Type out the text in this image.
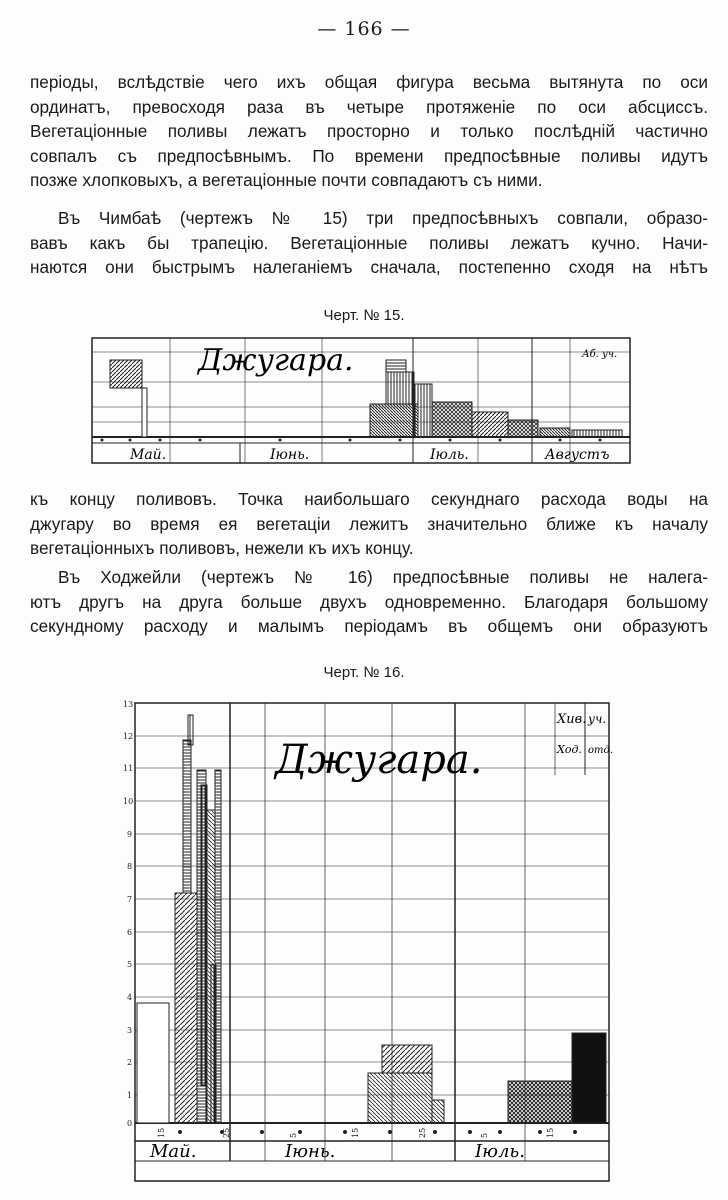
— 166 —
періоды, вслѣдствіе чего ихъ общая фигура весьма вытянута по оси
ординатъ, превосходя раза въ четыре протяженіе по оси абсциссъ.
Вегетаціонные поливы лежатъ просторно и только послѣдній частично
совпалъ съ предпосѣвнымъ. По времени предпосѣвные поливы идутъ
позже хлопковыхъ, а вегетаціонные почти совпадаютъ съ ними.
Въ Чимбаѣ (чертежъ № 15) три предпосѣвныхъ совпали, образо-
вавъ какъ бы трапецію. Вегетаціонные поливы лежатъ кучно. Начи-
наются они быстрымъ налеганіемъ сначала, постепенно сходя на нѣтъ
Черт. № 15.
Джугара.	Аб. уч.
Май.	Іюнь.	Іюль.	Августъ
къ концу поливовъ. Точка наибольшаго секунднаго расхода воды на
джугару во время ея вегетаціи лежитъ значительно ближе къ началу
вегетаціонныхъ поливовъ, нежели къ ихъ концу.
Въ Ходжейли (чертежъ № 16) предпосѣвные поливы не налега-
ютъ другъ на друга больше двухъ одновременно. Благодаря большому
секундному расходу и малымъ періодамъ въ общемъ они образуютъ
Черт. № 16.
13
12
11
10
9
8
7
6
5
4
3
2
1
0
15	25	5	15	25	5	15
Джугара.
Хив. уч.
Ход. отд.
Май.	Іюнь.	Іюль.
